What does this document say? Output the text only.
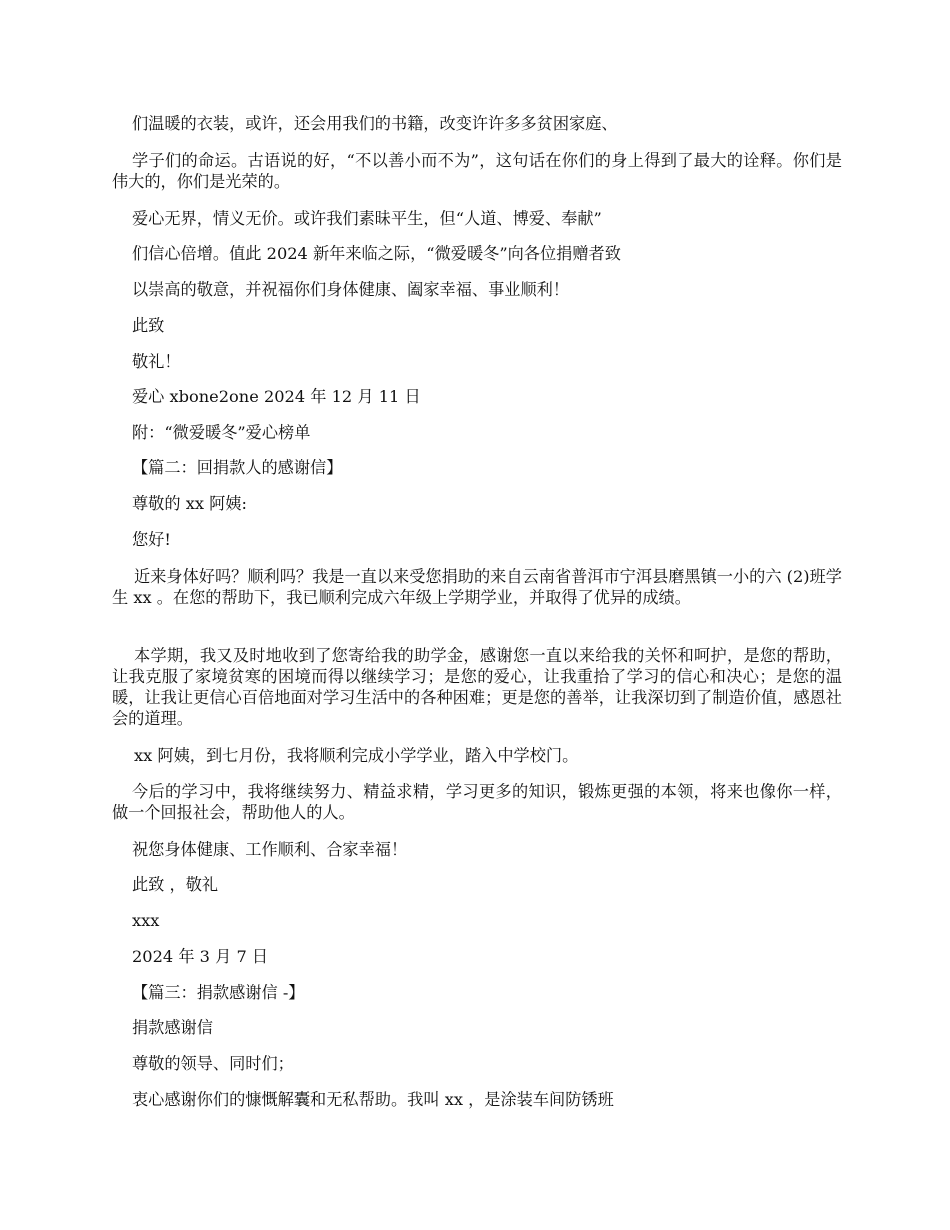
们温暖的衣装，或许，还会用我们的书籍，改变许许多多贫困家庭、

学子们的命运。古语说的好，“不以善小而不为”，这句话在你们的身上得到了最大的诠释。你们是伟大的，你们是光荣的。

爱心无界，情义无价。或许我们素昧平生，但“人道、博爱、奉献”

们信心倍增。值此 2024 新年来临之际，“微爱暖冬”向各位捐赠者致

以崇高的敬意，并祝福你们身体健康、阖家幸福、事业顺利！

此致

敬礼！

爱心 xbone2one 2024 年 12 月 11 日

附：“微爱暖冬”爱心榜单

【篇二：回捐款人的感谢信】

尊敬的 xx 阿姨:

您好!

近来身体好吗？顺利吗？我是一直以来受您捐助的来自云南省普洱市宁洱县磨黑镇一小的六 (2)班学生 xx 。在您的帮助下，我已顺利完成六年级上学期学业，并取得了优异的成绩。

本学期，我又及时地收到了您寄给我的助学金，感谢您一直以来给我的关怀和呵护，是您的帮助，让我克服了家境贫寒的困境而得以继续学习；是您的爱心，让我重拾了学习的信心和决心；是您的温暖，让我让更信心百倍地面对学习生活中的各种困难；更是您的善举，让我深切到了制造价值，感恩社会的道理。

xx 阿姨，到七月份，我将顺利完成小学学业，踏入中学校门。

今后的学习中，我将继续努力、精益求精，学习更多的知识，锻炼更强的本领，将来也像你一样，做一个回报社会，帮助他人的人。

祝您身体健康、工作顺利、合家幸福！

此致 ，敬礼

xxx

2024 年 3 月 7 日

【篇三：捐款感谢信 -】

捐款感谢信

尊敬的领导、同时们；

衷心感谢你们的慷慨解囊和无私帮助。我叫 xx ，是涂装车间防锈班
